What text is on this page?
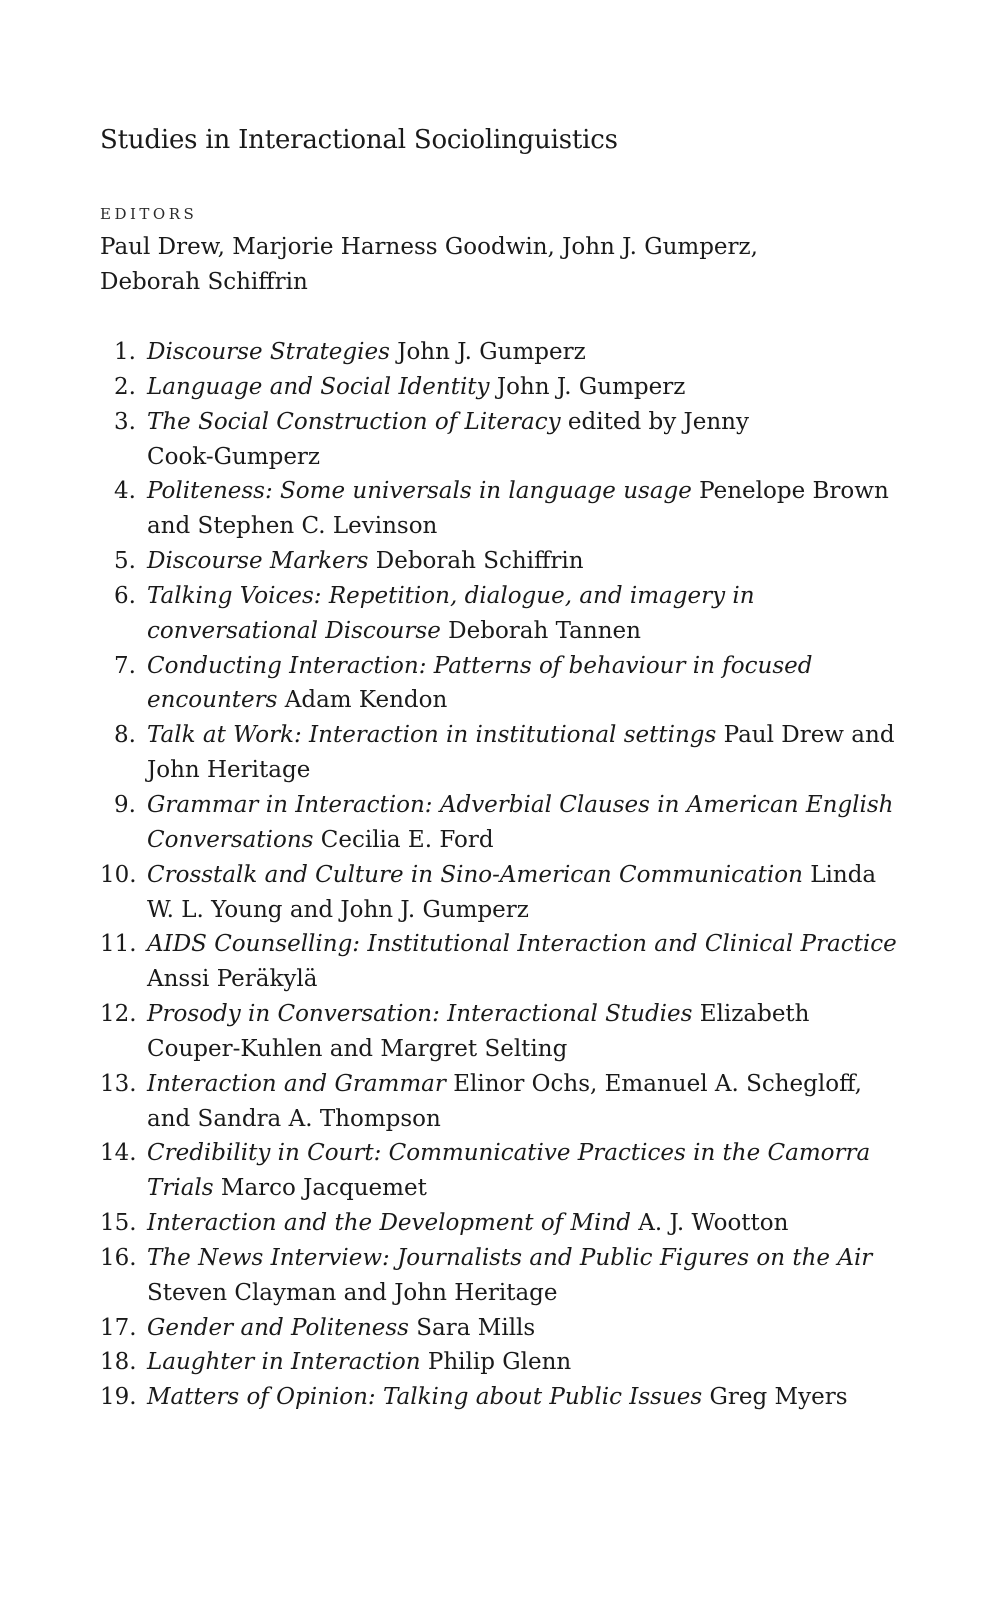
Studies in Interactional Sociolinguistics
EDITORS
Paul Drew, Marjorie Harness Goodwin, John J. Gumperz,
Deborah Schiffrin
1. Discourse Strategies John J. Gumperz
2. Language and Social Identity John J. Gumperz
3. The Social Construction of Literacy edited by Jenny
Cook-Gumperz
4. Politeness: Some universals in language usage Penelope Brown
and Stephen C. Levinson
5. Discourse Markers Deborah Schiffrin
6. Talking Voices: Repetition, dialogue, and imagery in
conversational Discourse Deborah Tannen
7. Conducting Interaction: Patterns of behaviour in focused
encounters Adam Kendon
8. Talk at Work: Interaction in institutional settings Paul Drew and
John Heritage
9. Grammar in Interaction: Adverbial Clauses in American English
Conversations Cecilia E. Ford
10. Crosstalk and Culture in Sino-American Communication Linda
W. L. Young and John J. Gumperz
11. AIDS Counselling: Institutional Interaction and Clinical Practice
Anssi Peräkylä
12. Prosody in Conversation: Interactional Studies Elizabeth
Couper-Kuhlen and Margret Selting
13. Interaction and Grammar Elinor Ochs, Emanuel A. Schegloff,
and Sandra A. Thompson
14. Credibility in Court: Communicative Practices in the Camorra
Trials Marco Jacquemet
15. Interaction and the Development of Mind A. J. Wootton
16. The News Interview: Journalists and Public Figures on the Air
Steven Clayman and John Heritage
17. Gender and Politeness Sara Mills
18. Laughter in Interaction Philip Glenn
19. Matters of Opinion: Talking about Public Issues Greg Myers
